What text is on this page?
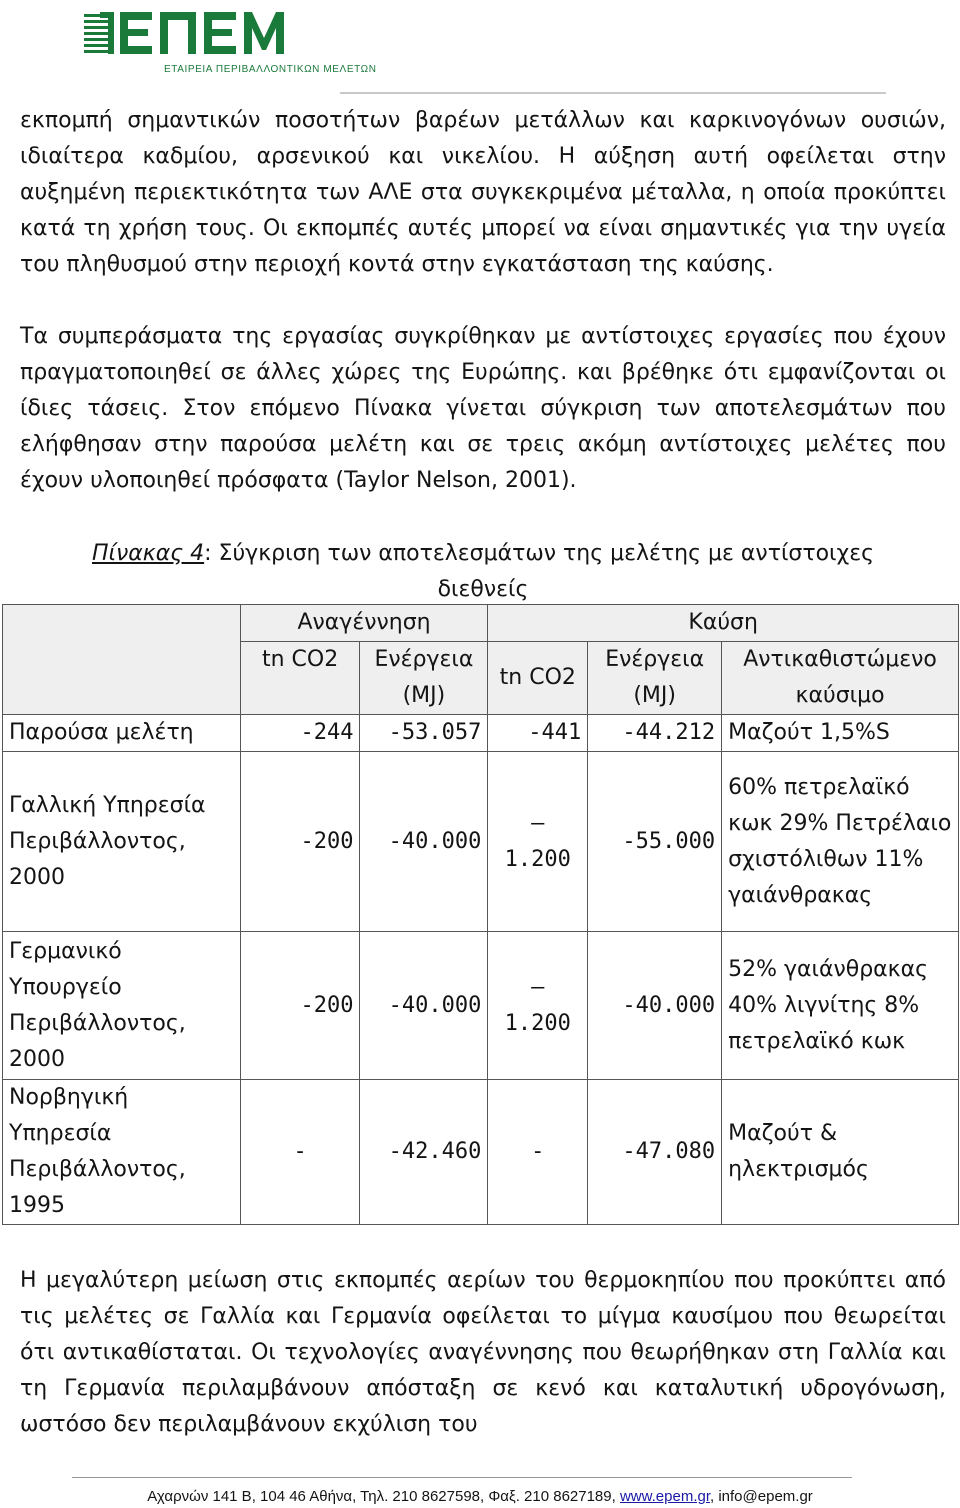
ΕΤΑΙΡΕΙΑ ΠΕΡΙΒΑΛΛΟΝΤΙΚΩΝ ΜΕΛΕΤΩΝ

εκπομπή σημαντικών ποσοτήτων βαρέων μετάλλων και καρκινογόνων ουσιών, ιδιαίτερα καδμίου, αρσενικού και νικελίου. Η αύξηση αυτή οφείλεται στην αυξημένη περιεκτικότητα των ΑΛΕ στα συγκεκριμένα μέταλλα, η οποία προκύπτει κατά τη χρήση τους. Οι εκπομπές αυτές μπορεί να είναι σημαντικές για την υγεία του πληθυσμού στην περιοχή κοντά στην εγκατάσταση της καύσης.

Τα συμπεράσματα της εργασίας συγκρίθηκαν με αντίστοιχες εργασίες που έχουν πραγματοποιηθεί σε άλλες χώρες της Ευρώπης. και βρέθηκε ότι εμφανίζονται οι ίδιες τάσεις. Στον επόμενο Πίνακα γίνεται σύγκριση των αποτελεσμάτων που ελήφθησαν στην παρούσα μελέτη και σε τρεις ακόμη αντίστοιχες μελέτες που έχουν υλοποιηθεί πρόσφατα (Taylor Nelson, 2001).

Πίνακας 4: Σύγκριση των αποτελεσμάτων της μελέτης με αντίστοιχες διεθνείς
	Αναγέννηση		Καύση		
	tn CO2	Ενέργεια (MJ)	tn CO2	Ενέργεια (MJ)	Αντικαθιστώμενο καύσιμο
Παρούσα μελέτη	-244	-53.057	-441	-44.212	Μαζούτ 1,5%S
Γαλλική Υπηρεσία Περιβάλλοντος, 2000	-200	-40.000	– 1.200	-55.000	60% πετρελαϊκό κωκ 29% Πετρέλαιο σχιστόλιθων 11% γαιάνθρακας
Γερμανικό Υπουργείο Περιβάλλοντος, 2000	-200	-40.000	– 1.200	-40.000	52% γαιάνθρακας 40% λιγνίτης 8% πετρελαϊκό κωκ
Νορβηγική Υπηρεσία Περιβάλλοντος, 1995	-	-42.460	-	-47.080	Μαζούτ & ηλεκτρισμός

Η μεγαλύτερη μείωση στις εκπομπές αερίων του θερμοκηπίου που προκύπτει από τις μελέτες σε Γαλλία και Γερμανία οφείλεται το μίγμα καυσίμου που θεωρείται ότι αντικαθίσταται. Οι τεχνολογίες αναγέννησης που θεωρήθηκαν στη Γαλλία και τη Γερμανία περιλαμβάνουν απόσταξη σε κενό και καταλυτική υδρογόνωση, ωστόσο δεν περιλαμβάνουν εκχύλιση του

Αχαρνών 141 Β, 104 46 Αθήνα, Τηλ. 210 8627598, Φαξ. 210 8627189, www.epem.gr, info@epem.gr
